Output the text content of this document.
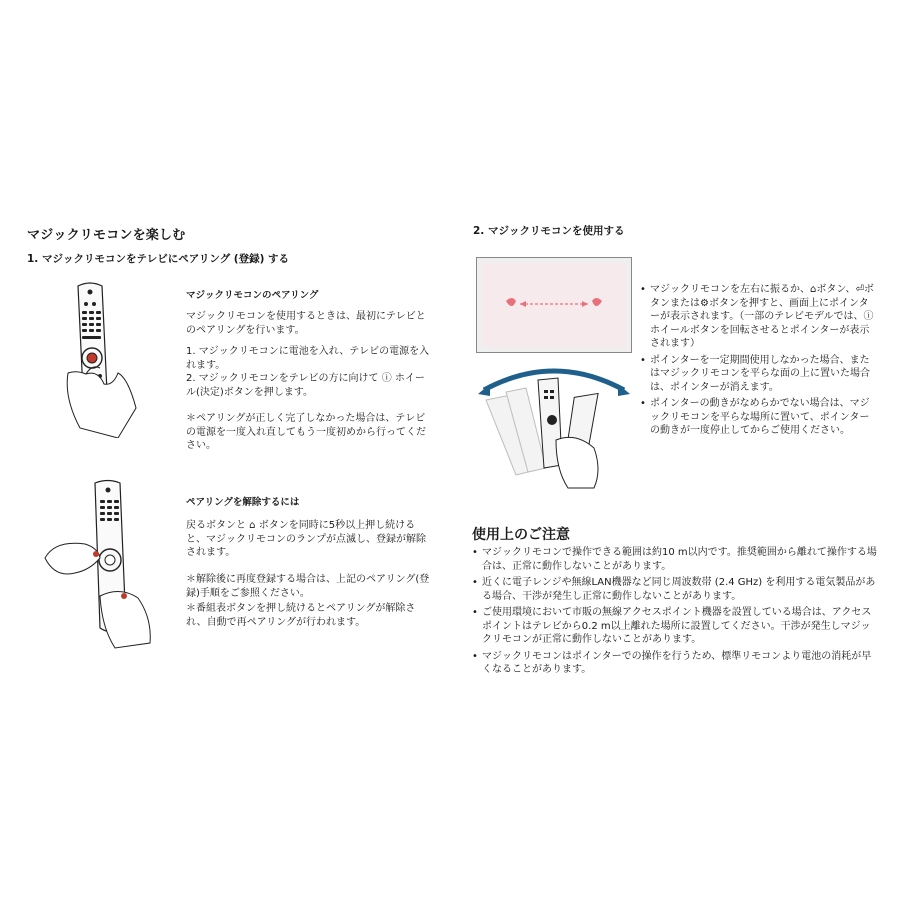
マジックリモコンを楽しむ
1. マジックリモコンをテレビにペアリング (登録) する
マジックリモコンのペアリング
マジックリモコンを使用するときは、最初にテレビとのペアリングを行います。
1. マジックリモコンに電池を入れ、テレビの電源を入れます。
2. マジックリモコンをテレビの方に向けて ⓘ ホイール(決定)ボタンを押します。
＊ペアリングが正しく完了しなかった場合は、テレビの電源を一度入れ直してもう一度初めから行ってください。
ペアリングを解除するには
戻るボタンと ⌂ ボタンを同時に5秒以上押し続けると、マジックリモコンのランプが点滅し、登録が解除されます。
＊解除後に再度登録する場合は、上記のペアリング(登録)手順をご参照ください。
＊番組表ボタンを押し続けるとペアリングが解除され、自動で再ペアリングが行われます。
2. マジックリモコンを使用する
• マジックリモコンを左右に振るか、⌂ボタン、⏎ボタンまたは⚙ボタンを押すと、画面上にポインターが表示されます。（一部のテレビモデルでは、ⓘ ホイールボタンを回転させるとポインターが表示されます）
• ポインターを一定期間使用しなかった場合、またはマジックリモコンを平らな面の上に置いた場合は、ポインターが消えます。
• ポインターの動きがなめらかでない場合は、マジックリモコンを平らな場所に置いて、ポインターの動きが一度停止してからご使用ください。
使用上のご注意
• マジックリモコンで操作できる範囲は約10 m以内です。推奨範囲から離れて操作する場合は、正常に動作しないことがあります。
• 近くに電子レンジや無線LAN機器など同じ周波数帯 (2.4 GHz) を利用する電気製品がある場合、干渉が発生し正常に動作しないことがあります。
• ご使用環境において市販の無線アクセスポイント機器を設置している場合は、アクセスポイントはテレビから0.2 m以上離れた場所に設置してください。干渉が発生しマジックリモコンが正常に動作しないことがあります。
• マジックリモコンはポインターでの操作を行うため、標準リモコンより電池の消耗が早くなることがあります。
